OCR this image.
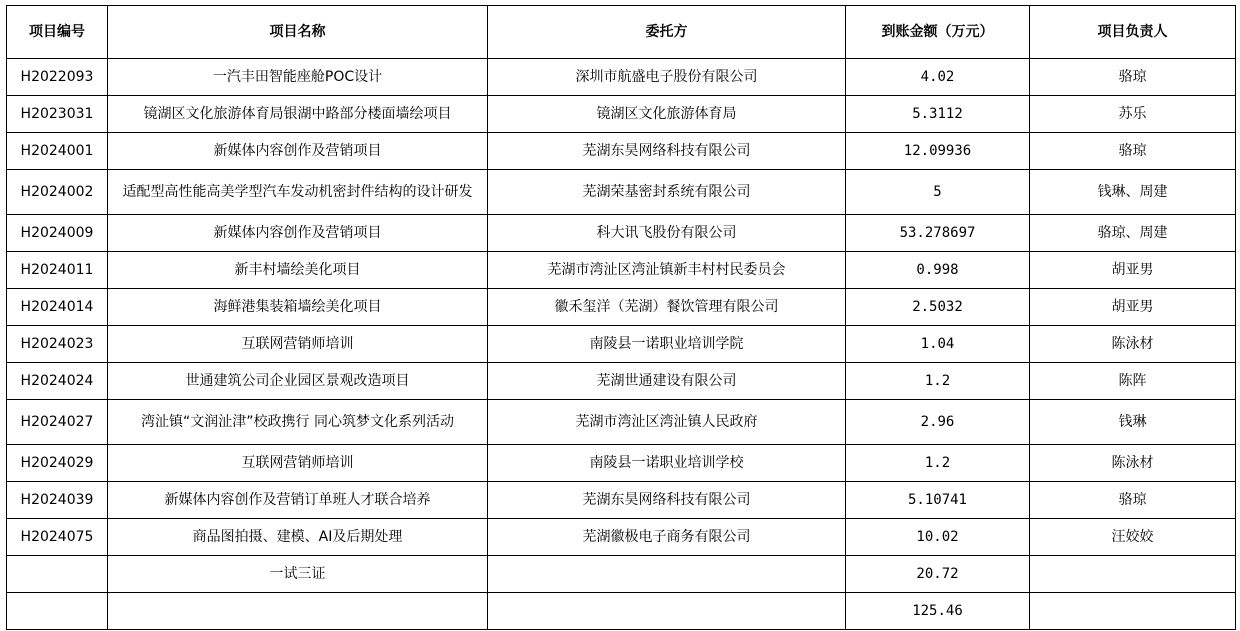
项目编号	项目名称	委托方	到账金额（万元）	项目负责人
H2022093	一汽丰田智能座舱POC设计	深圳市航盛电子股份有限公司	4.02	骆琼
H2023031	镜湖区文化旅游体育局银湖中路部分楼面墙绘项目	镜湖区文化旅游体育局	5.3112	苏乐
H2024001	新媒体内容创作及营销项目	芜湖东昊网络科技有限公司	12.09936	骆琼
H2024002	适配型高性能高美学型汽车发动机密封件结构的设计研发	芜湖荣基密封系统有限公司	5	钱琳、周建
H2024009	新媒体内容创作及营销项目	科大讯飞股份有限公司	53.278697	骆琼、周建
H2024011	新丰村墙绘美化项目	芜湖市湾沚区湾沚镇新丰村村民委员会	0.998	胡亚男
H2024014	海鲜港集装箱墙绘美化项目	徽禾玺洋（芜湖）餐饮管理有限公司	2.5032	胡亚男
H2024023	互联网营销师培训	南陵县一诺职业培训学院	1.04	陈泳材
H2024024	世通建筑公司企业园区景观改造项目	芜湖世通建设有限公司	1.2	陈阵
H2024027	湾沚镇“文润沚津”校政携行 同心筑梦文化系列活动	芜湖市湾沚区湾沚镇人民政府	2.96	钱琳
H2024029	互联网营销师培训	南陵县一诺职业培训学校	1.2	陈泳材
H2024039	新媒体内容创作及营销订单班人才联合培养	芜湖东昊网络科技有限公司	5.10741	骆琼
H2024075	商品图拍摄、建模、AI及后期处理	芜湖徽极电子商务有限公司	10.02	汪姣姣
	一试三证		20.72	
			125.46	
